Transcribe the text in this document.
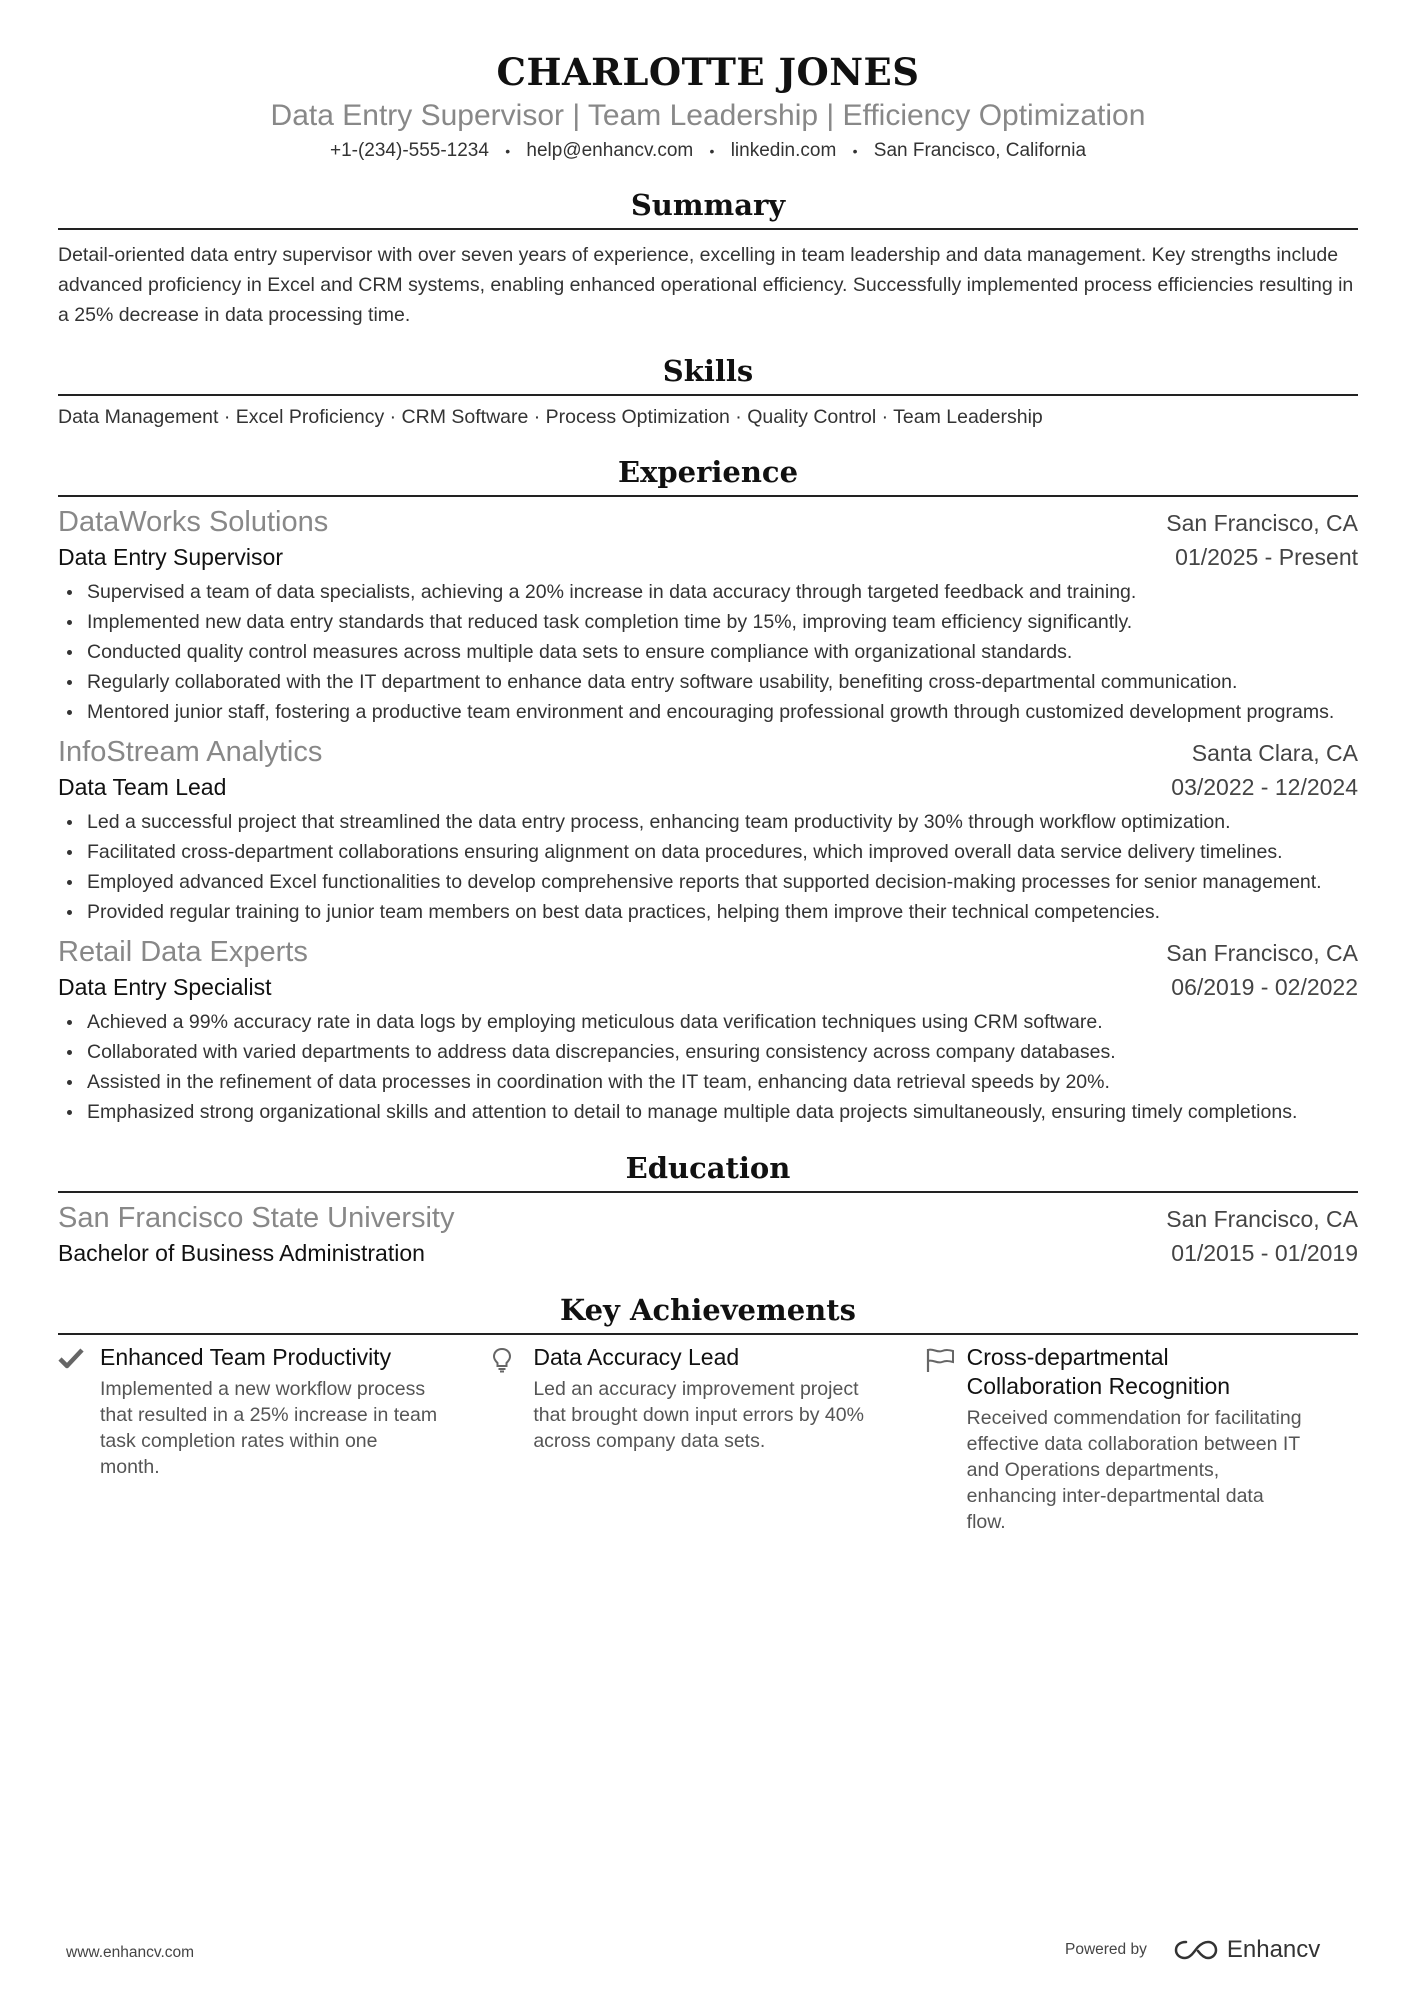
CHARLOTTE JONES
Data Entry Supervisor | Team Leadership | Efficiency Optimization
+1-(234)-555-1234 • help@enhancv.com • linkedin.com • San Francisco, California
Summary
Detail-oriented data entry supervisor with over seven years of experience, excelling in team leadership and data management. Key strengths include advanced proficiency in Excel and CRM systems, enabling enhanced operational efficiency. Successfully implemented process efficiencies resulting in a 25% decrease in data processing time.
Skills
Data Management · Excel Proficiency · CRM Software · Process Optimization · Quality Control · Team Leadership
Experience
DataWorks Solutions	San Francisco, CA
Data Entry Supervisor	01/2025 - Present
Supervised a team of data specialists, achieving a 20% increase in data accuracy through targeted feedback and training.
Implemented new data entry standards that reduced task completion time by 15%, improving team efficiency significantly.
Conducted quality control measures across multiple data sets to ensure compliance with organizational standards.
Regularly collaborated with the IT department to enhance data entry software usability, benefiting cross-departmental communication.
Mentored junior staff, fostering a productive team environment and encouraging professional growth through customized development programs.
InfoStream Analytics	Santa Clara, CA
Data Team Lead	03/2022 - 12/2024
Led a successful project that streamlined the data entry process, enhancing team productivity by 30% through workflow optimization.
Facilitated cross-department collaborations ensuring alignment on data procedures, which improved overall data service delivery timelines.
Employed advanced Excel functionalities to develop comprehensive reports that supported decision-making processes for senior management.
Provided regular training to junior team members on best data practices, helping them improve their technical competencies.
Retail Data Experts	San Francisco, CA
Data Entry Specialist	06/2019 - 02/2022
Achieved a 99% accuracy rate in data logs by employing meticulous data verification techniques using CRM software.
Collaborated with varied departments to address data discrepancies, ensuring consistency across company databases.
Assisted in the refinement of data processes in coordination with the IT team, enhancing data retrieval speeds by 20%.
Emphasized strong organizational skills and attention to detail to manage multiple data projects simultaneously, ensuring timely completions.
Education
San Francisco State University	San Francisco, CA
Bachelor of Business Administration	01/2015 - 01/2019
Key Achievements
Enhanced Team Productivity
Implemented a new workflow process that resulted in a 25% increase in team task completion rates within one month.
Data Accuracy Lead
Led an accuracy improvement project that brought down input errors by 40% across company data sets.
Cross-departmental Collaboration Recognition
Received commendation for facilitating effective data collaboration between IT and Operations departments, enhancing inter-departmental data flow.
www.enhancv.com	Powered by	Enhancv
